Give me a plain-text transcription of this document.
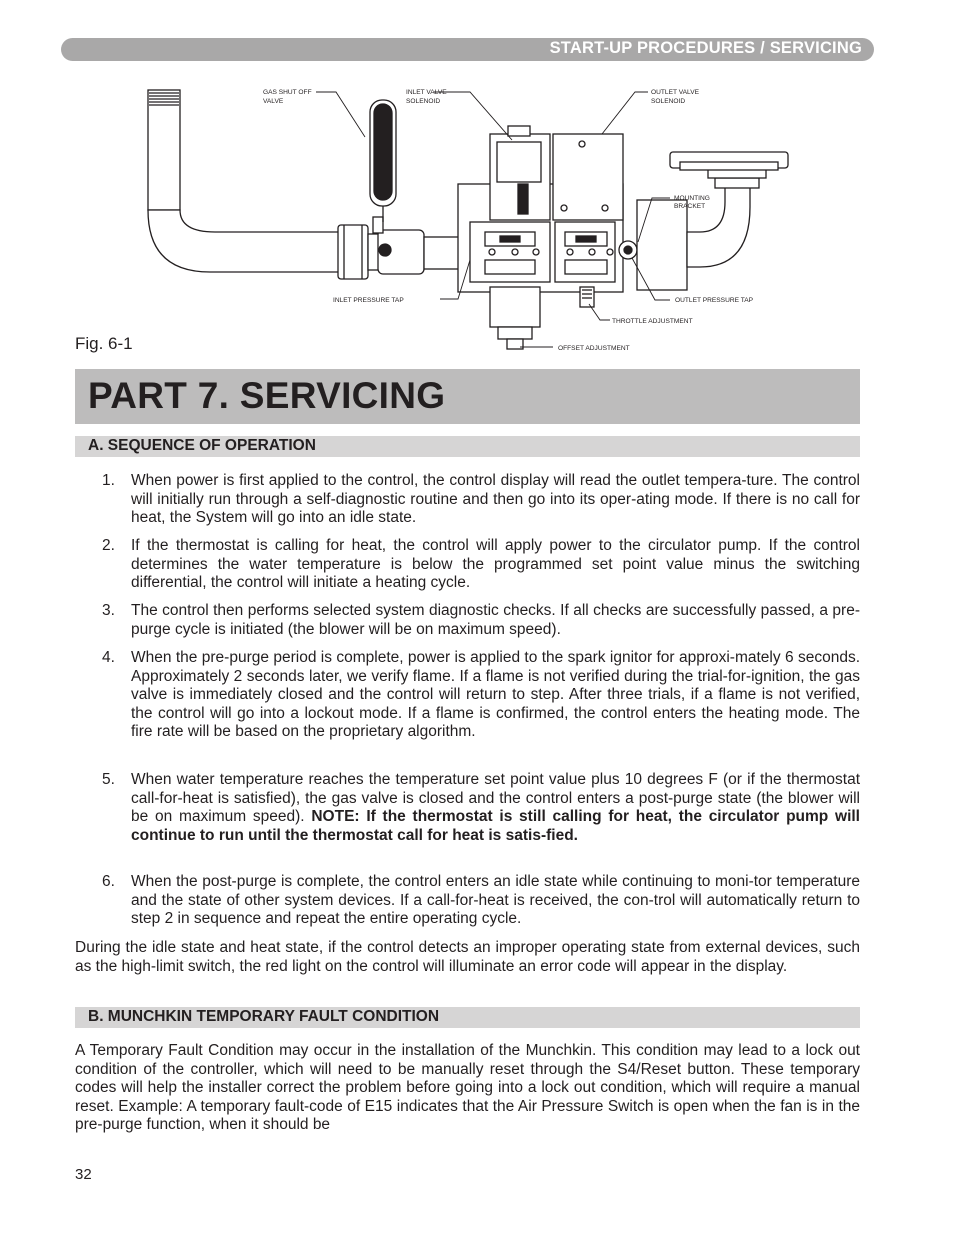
START-UP PROCEDURES / SERVICING
GAS SHUT OFF
VALVE
INLET VALVE
SOLENOID
OUTLET VALVE
SOLENOID
MOUNTING
BRACKET
INLET PRESSURE TAP	OUTLET PRESSURE TAP
THROTTLE ADJUSTMENT
OFFSET ADJUSTMENT
Fig. 6-1
PART 7. SERVICING
A. SEQUENCE OF OPERATION
1. When power is first applied to the control, the control display will read the outlet tempera-ture. The control will initially run through a self-diagnostic routine and then go into its oper-ating mode. If there is no call for heat, the System will go into an idle state.
2. If the thermostat is calling for heat, the control will apply power to the circulator pump. If the control determines the water temperature is below the programmed set point value minus the switching differential, the control will initiate a heating cycle.
3. The control then performs selected system diagnostic checks. If all checks are successfully passed, a pre-purge cycle is initiated (the blower will be on maximum speed).
4. When the pre-purge period is complete, power is applied to the spark ignitor for approxi-mately 6 seconds. Approximately 2 seconds later, we verify flame. If a flame is not verified during the trial-for-ignition, the gas valve is immediately closed and the control will return to step. After three trials, if a flame is not verified, the control will go into a lockout mode. If a flame is confirmed, the control enters the heating mode. The fire rate will be based on the proprietary algorithm.
5. When water temperature reaches the temperature set point value plus 10 degrees F (or if the thermostat call-for-heat is satisfied), the gas valve is closed and the control enters a post-purge state (the blower will be on maximum speed). NOTE: If the thermostat is still calling for heat, the circulator pump will continue to run until the thermostat call for heat is satis-fied.
6. When the post-purge is complete, the control enters an idle state while continuing to moni-tor temperature and the state of other system devices. If a call-for-heat is received, the con-trol will automatically return to step 2 in sequence and repeat the entire operating cycle.
During the idle state and heat state, if the control detects an improper operating state from external devices, such as the high-limit switch, the red light on the control will illuminate an error code will appear in the display.
B. MUNCHKIN TEMPORARY FAULT CONDITION
A Temporary Fault Condition may occur in the installation of the Munchkin. This condition may lead to a lock out condition of the controller, which will need to be manually reset through the S4/Reset button. These temporary codes will help the installer correct the problem before going into a lock out condition, which will require a manual reset. Example: A temporary fault-code of E15 indicates that the Air Pressure Switch is open when the fan is in the pre-purge function, when it should be
32
